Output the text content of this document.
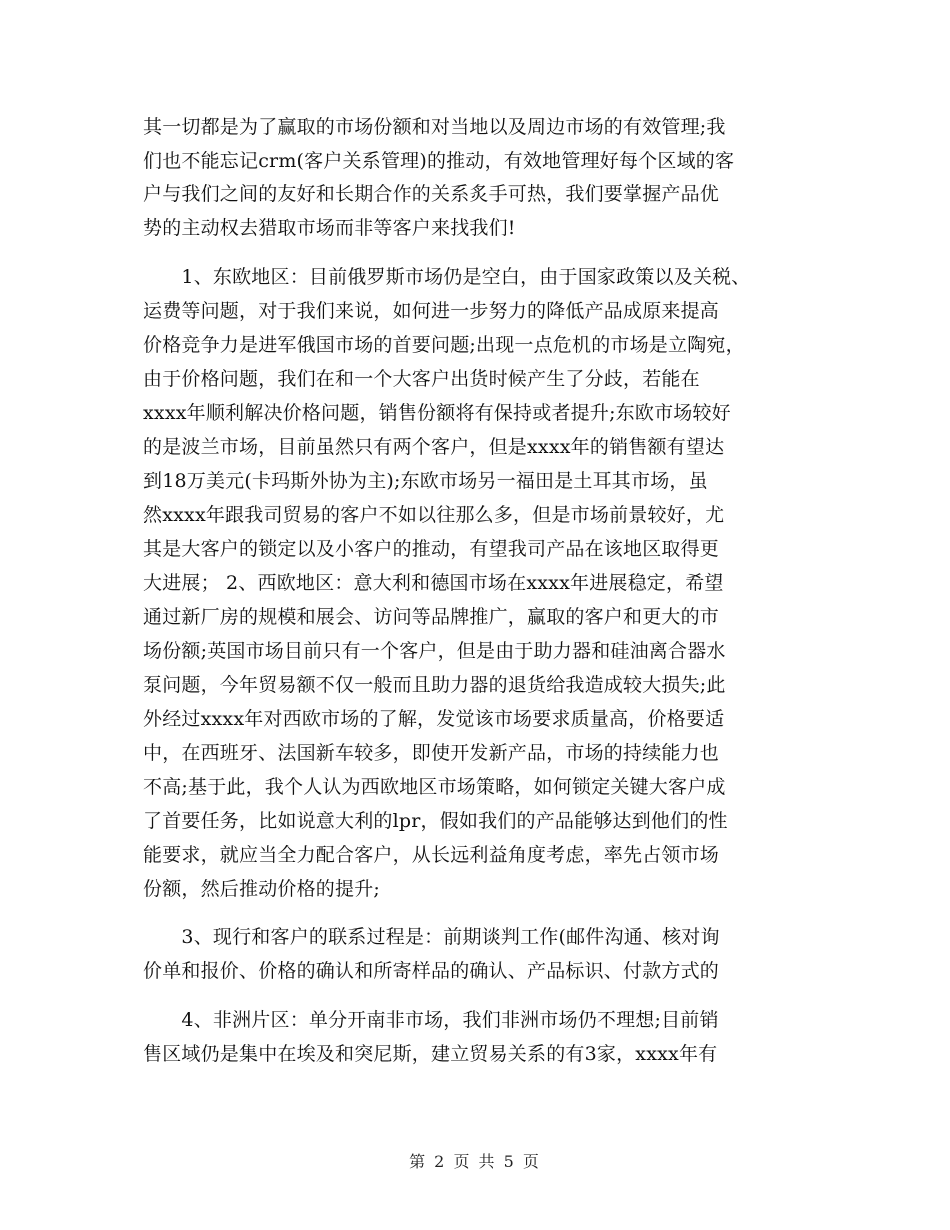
其一切都是为了赢取的市场份额和对当地以及周边市场的有效管理;我
们也不能忘记crm(客户关系管理)的推动，有效地管理好每个区域的客
户与我们之间的友好和长期合作的关系炙手可热，我们要掌握产品优
势的主动权去猎取市场而非等客户来找我们!
　　1、东欧地区：目前俄罗斯市场仍是空白，由于国家政策以及关税、
运费等问题，对于我们来说，如何进一步努力的降低产品成原来提高
价格竞争力是进军俄国市场的首要问题;出现一点危机的市场是立陶宛，
由于价格问题，我们在和一个大客户出货时候产生了分歧，若能在
xxxx年顺利解决价格问题，销售份额将有保持或者提升;东欧市场较好
的是波兰市场，目前虽然只有两个客户，但是xxxx年的销售额有望达
到18万美元(卡玛斯外协为主);东欧市场另一福田是土耳其市场，虽
然xxxx年跟我司贸易的客户不如以往那么多，但是市场前景较好，尤
其是大客户的锁定以及小客户的推动，有望我司产品在该地区取得更
大进展； 2、西欧地区：意大利和德国市场在xxxx年进展稳定，希望
通过新厂房的规模和展会、访问等品牌推广，赢取的客户和更大的市
场份额;英国市场目前只有一个客户，但是由于助力器和硅油离合器水
泵问题，今年贸易额不仅一般而且助力器的退货给我造成较大损失;此
外经过xxxx年对西欧市场的了解，发觉该市场要求质量高，价格要适
中，在西班牙、法国新车较多，即使开发新产品，市场的持续能力也
不高;基于此，我个人认为西欧地区市场策略，如何锁定关键大客户成
了首要任务，比如说意大利的lpr，假如我们的产品能够达到他们的性
能要求，就应当全力配合客户，从长远利益角度考虑，率先占领市场
份额，然后推动价格的提升;
　　3、现行和客户的联系过程是：前期谈判工作(邮件沟通、核对询
价单和报价、价格的确认和所寄样品的确认、产品标识、付款方式的
　　4、非洲片区：单分开南非市场，我们非洲市场仍不理想;目前销
售区域仍是集中在埃及和突尼斯，建立贸易关系的有3家，xxxx年有
第 2 页 共 5 页
